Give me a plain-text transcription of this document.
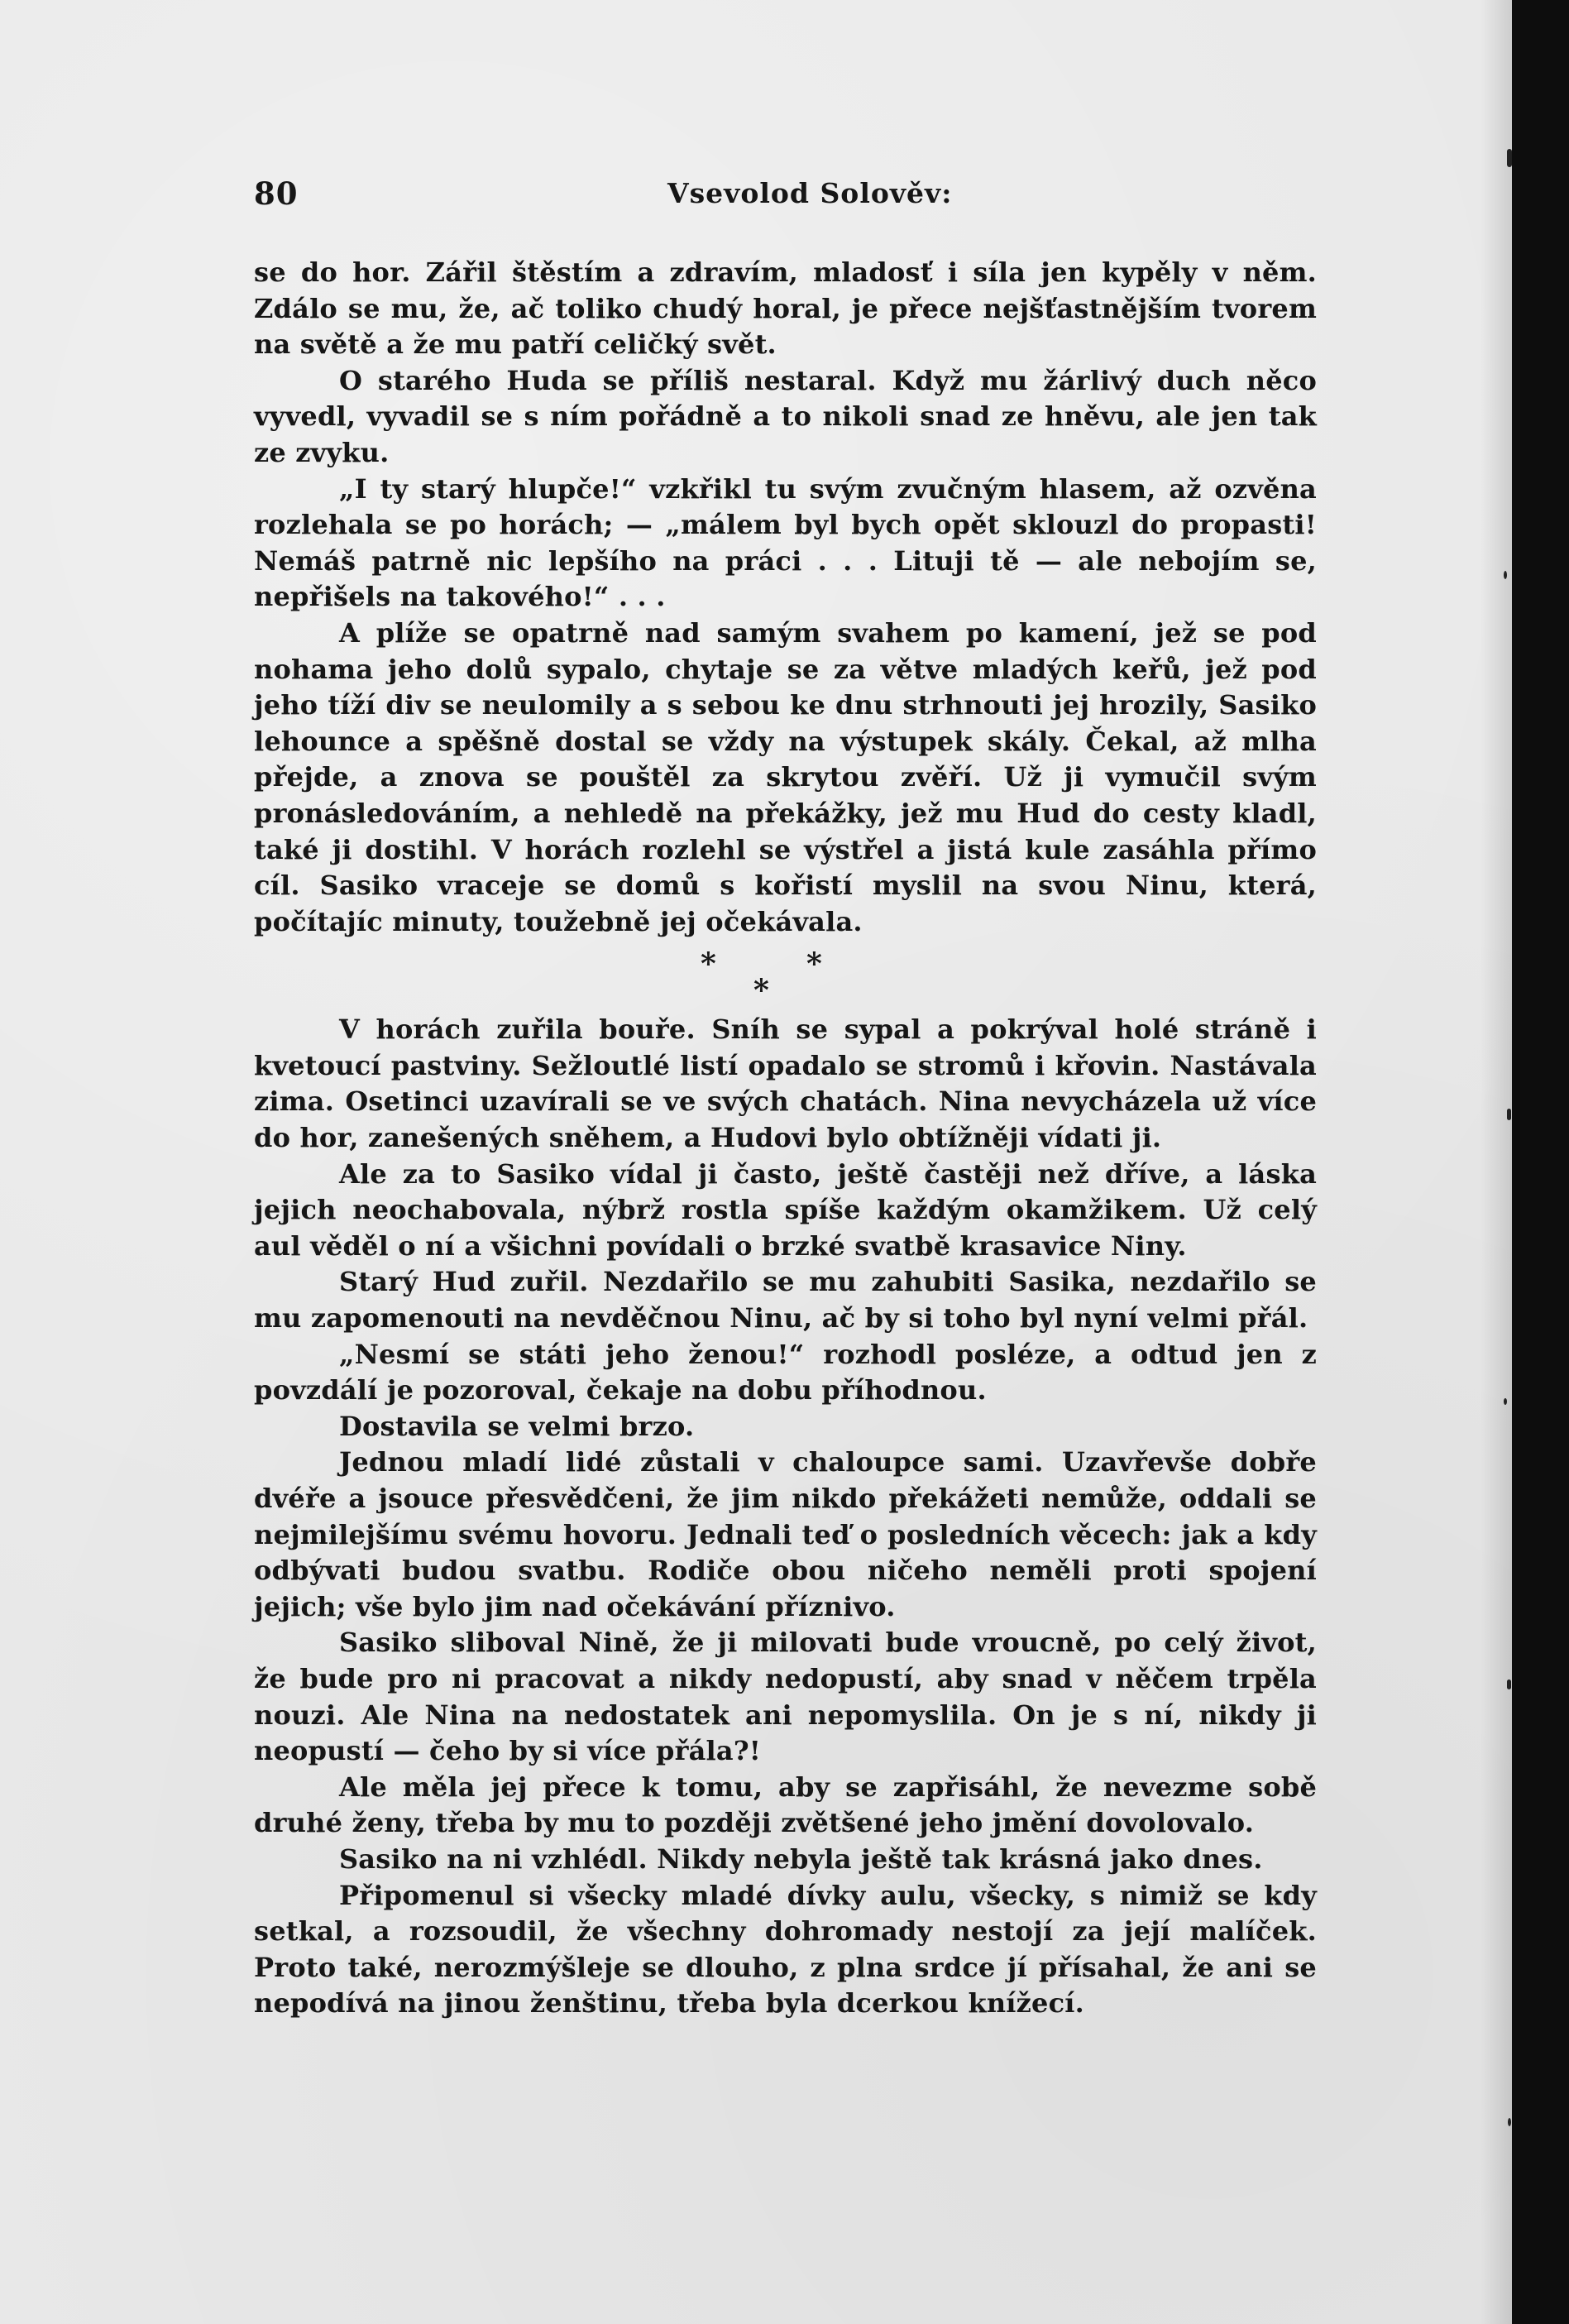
80	Vsevolod Solověv:

se do hor. Zářil štěstím a zdravím, mladosť i síla jen kypěly v něm. Zdálo se mu, že, ač toliko chudý horal, je přece nejšťastnějším tvorem na světě a že mu patří celičký svět.

O starého Huda se příliš nestaral. Když mu žárlivý duch něco vyvedl, vyvadil se s ním pořádně a to nikoli snad ze hněvu, ale jen tak ze zvyku.

„I ty starý hlupče!“ vzkřikl tu svým zvučným hlasem, až ozvěna rozlehala se po horách; — „málem byl bych opět sklouzl do propasti! Nemáš patrně nic lepšího na práci . . . Lituji tě — ale nebojím se, nepřišels na takového!“ . . .

A plíže se opatrně nad samým svahem po kamení, jež se pod nohama jeho dolů sypalo, chytaje se za větve mladých keřů, jež pod jeho tíží div se neulomily a s sebou ke dnu strhnouti jej hrozily, Sasiko lehounce a spěšně dostal se vždy na výstupek skály. Čekal, až mlha přejde, a znova se pouštěl za skrytou zvěří. Už ji vymučil svým pronásledováním, a nehledě na překážky, jež mu Hud do cesty kladl, také ji dostihl. V horách rozlehl se výstřel a jistá kule zasáhla přímo cíl. Sasiko vraceje se domů s kořistí myslil na svou Ninu, která, počítajíc minuty, toužebně jej očekávala.

*
*
*

V horách zuřila bouře. Sníh se sypal a pokrýval holé stráně i kvetoucí pastviny. Sežloutlé listí opadalo se stromů i křovin. Nastávala zima. Osetinci uzavírali se ve svých chatách. Nina nevycházela už více do hor, zanešených sněhem, a Hudovi bylo obtížněji vídati ji.

Ale za to Sasiko vídal ji často, ještě častěji než dříve, a láska jejich neochabovala, nýbrž rostla spíše každým okamžikem. Už celý aul věděl o ní a všichni povídali o brzké svatbě krasavice Niny.

Starý Hud zuřil. Nezdařilo se mu zahubiti Sasika, nezdařilo se mu zapomenouti na nevděčnou Ninu, ač by si toho byl nyní velmi přál.

„Nesmí se státi jeho ženou!“ rozhodl posléze, a odtud jen z povzdálí je pozoroval, čekaje na dobu příhodnou.

Dostavila se velmi brzo.

Jednou mladí lidé zůstali v chaloupce sami. Uzavřevše dobře dvéře a jsouce přesvědčeni, že jim nikdo překážeti nemůže, oddali se nejmilejšímu svému hovoru. Jednali teď o posledních věcech: jak a kdy odbývati budou svatbu. Rodiče obou ničeho neměli proti spojení jejich; vše bylo jim nad očekávání příznivo.

Sasiko sliboval Nině, že ji milovati bude vroucně, po celý život, že bude pro ni pracovat a nikdy nedopustí, aby snad v něčem trpěla nouzi. Ale Nina na nedostatek ani nepomyslila. On je s ní, nikdy ji neopustí — čeho by si více přála?!

Ale měla jej přece k tomu, aby se zapřisáhl, že nevezme sobě druhé ženy, třeba by mu to později zvětšené jeho jmění dovolovalo.

Sasiko na ni vzhlédl. Nikdy nebyla ještě tak krásná jako dnes.

Připomenul si všecky mladé dívky aulu, všecky, s nimiž se kdy setkal, a rozsoudil, že všechny dohromady nestojí za její malíček. Proto také, nerozmýšleje se dlouho, z plna srdce jí přísahal, že ani se nepodívá na jinou ženštinu, třeba byla dcerkou knížecí.
